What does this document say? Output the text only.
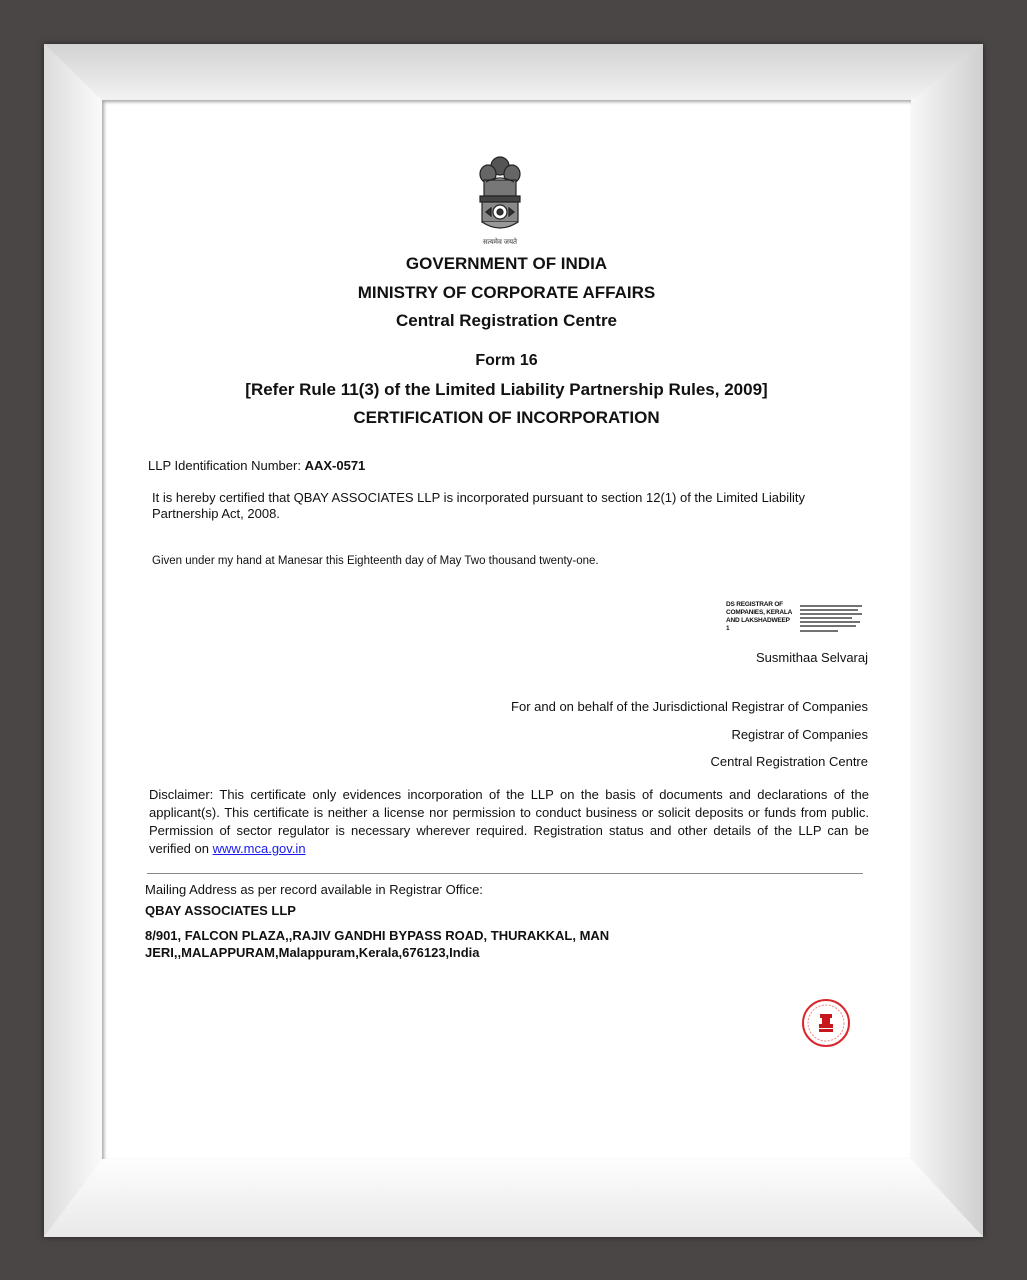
सत्यमेव जयते
GOVERNMENT OF INDIA
MINISTRY OF CORPORATE AFFAIRS
Central Registration Centre
Form 16
[Refer Rule 11(3) of the Limited Liability Partnership Rules, 2009]
CERTIFICATION OF INCORPORATION
LLP Identification Number: AAX-0571
It is hereby certified that QBAY ASSOCIATES LLP is incorporated pursuant to section 12(1) of the Limited Liability Partnership Act, 2008.
Given under my hand at Manesar this Eighteenth day of May Two thousand twenty-one.
DS REGISTRAR OF COMPANIES, KERALA AND LAKSHADWEEP 1
Susmithaa Selvaraj
For and on behalf of the Jurisdictional Registrar of Companies
Registrar of Companies
Central Registration Centre
Disclaimer: This certificate only evidences incorporation of the LLP on the basis of documents and declarations of the applicant(s). This certificate is neither a license nor permission to conduct business or solicit deposits or funds from public. Permission of sector regulator is necessary wherever required. Registration status and other details of the LLP can be verified on www.mca.gov.in
Mailing Address as per record available in Registrar Office:
QBAY ASSOCIATES LLP
8/901, FALCON PLAZA,,RAJIV GANDHI BYPASS ROAD, THURAKKAL, MAN
JERI,,MALAPPURAM,Malappuram,Kerala,676123,India
